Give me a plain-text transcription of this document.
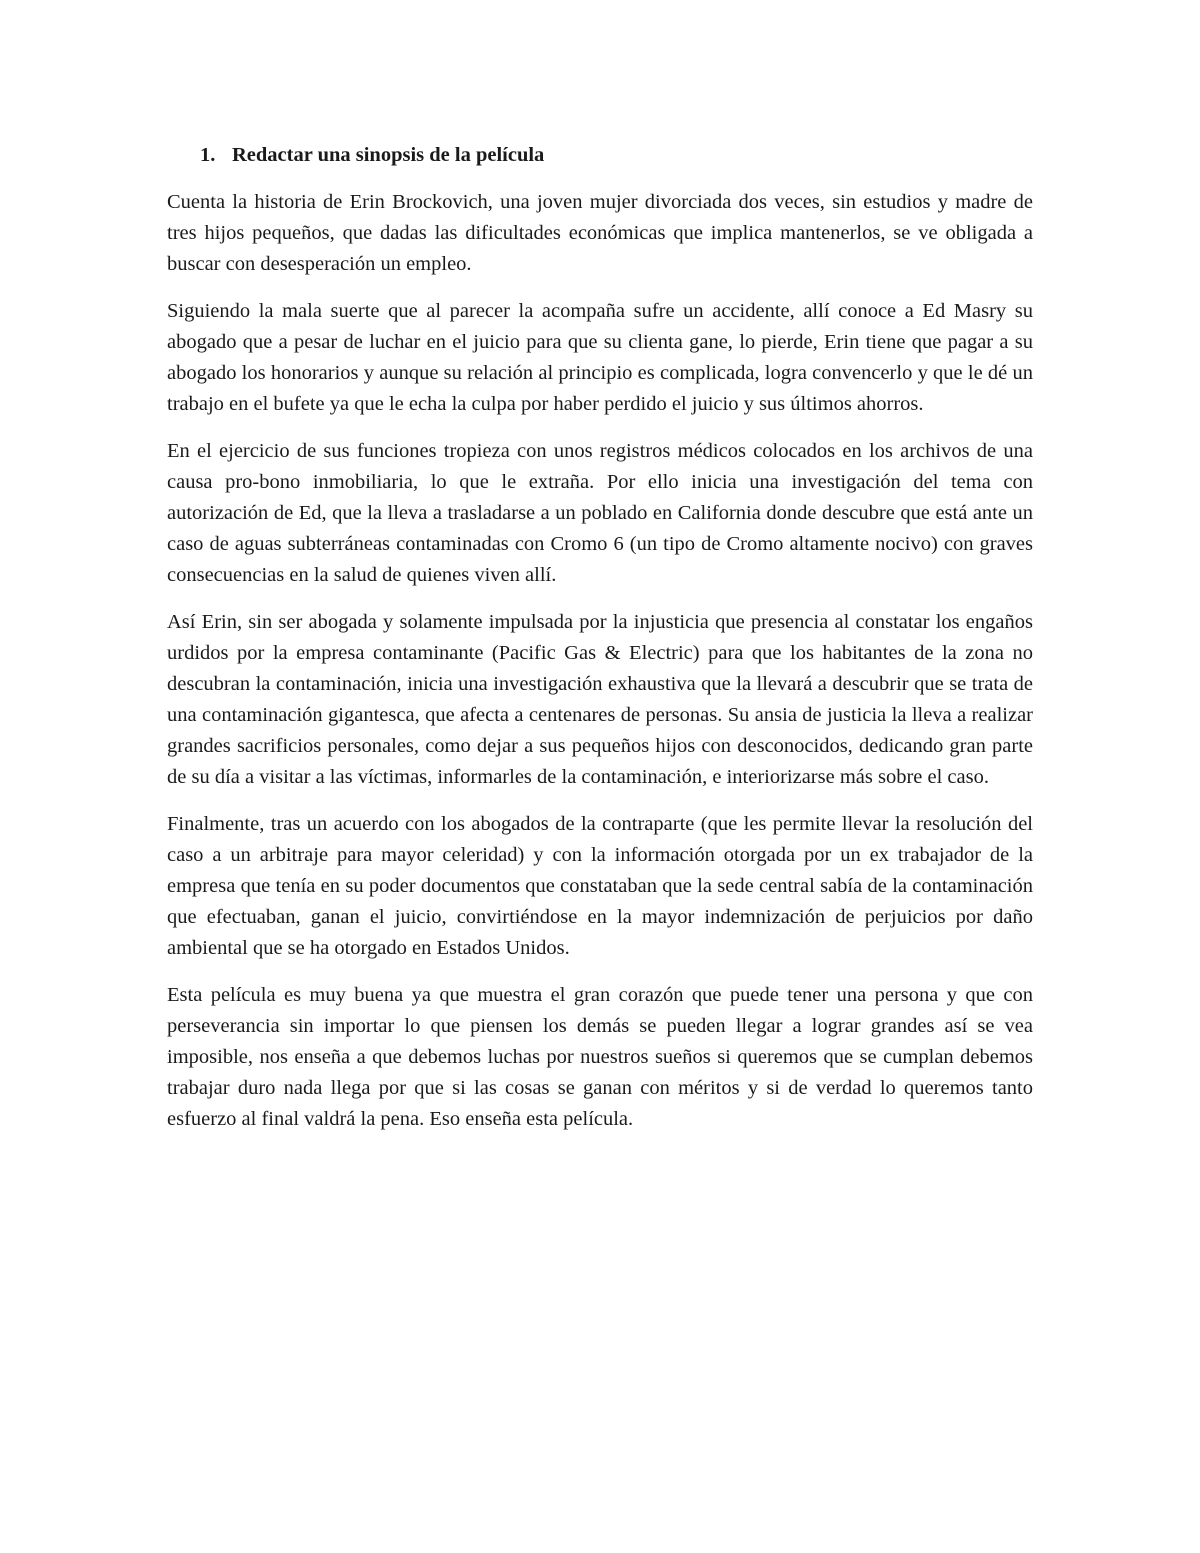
1. Redactar una sinopsis de la película

Cuenta la historia de Erin Brockovich, una joven mujer divorciada dos veces, sin estudios y madre de tres hijos pequeños, que dadas las dificultades económicas que implica mantenerlos, se ve obligada a buscar con desesperación un empleo.

Siguiendo la mala suerte que al parecer la acompaña sufre un accidente, allí conoce a Ed Masry su abogado que a pesar de luchar en el juicio para que su clienta gane, lo pierde, Erin tiene que pagar a su abogado los honorarios y aunque su relación al principio es complicada, logra convencerlo y que le dé un trabajo en el bufete ya que le echa la culpa por haber perdido el juicio y sus últimos ahorros.

En el ejercicio de sus funciones tropieza con unos registros médicos colocados en los archivos de una causa pro-bono inmobiliaria, lo que le extraña. Por ello inicia una investigación del tema con autorización de Ed, que la lleva a trasladarse a un poblado en California donde descubre que está ante un caso de aguas subterráneas contaminadas con Cromo 6 (un tipo de Cromo altamente nocivo) con graves consecuencias en la salud de quienes viven allí.

Así Erin, sin ser abogada y solamente impulsada por la injusticia que presencia al constatar los engaños urdidos por la empresa contaminante (Pacific Gas & Electric) para que los habitantes de la zona no descubran la contaminación, inicia una investigación exhaustiva que la llevará a descubrir que se trata de una contaminación gigantesca, que afecta a centenares de personas. Su ansia de justicia la lleva a realizar grandes sacrificios personales, como dejar a sus pequeños hijos con desconocidos, dedicando gran parte de su día a visitar a las víctimas, informarles de la contaminación, e interiorizarse más sobre el caso.

Finalmente, tras un acuerdo con los abogados de la contraparte (que les permite llevar la resolución del caso a un arbitraje para mayor celeridad) y con la información otorgada por un ex trabajador de la empresa que tenía en su poder documentos que constataban que la sede central sabía de la contaminación que efectuaban, ganan el juicio, convirtiéndose en la mayor indemnización de perjuicios por daño ambiental que se ha otorgado en Estados Unidos.

Esta película es muy buena ya que muestra el gran corazón que puede tener una persona y que con perseverancia sin importar lo que piensen los demás se pueden llegar a lograr grandes así se vea imposible, nos enseña a que debemos luchas por nuestros sueños si queremos que se cumplan debemos trabajar duro nada llega por que si las cosas se ganan con méritos y si de verdad lo queremos tanto esfuerzo al final valdrá la pena. Eso enseña esta película.
